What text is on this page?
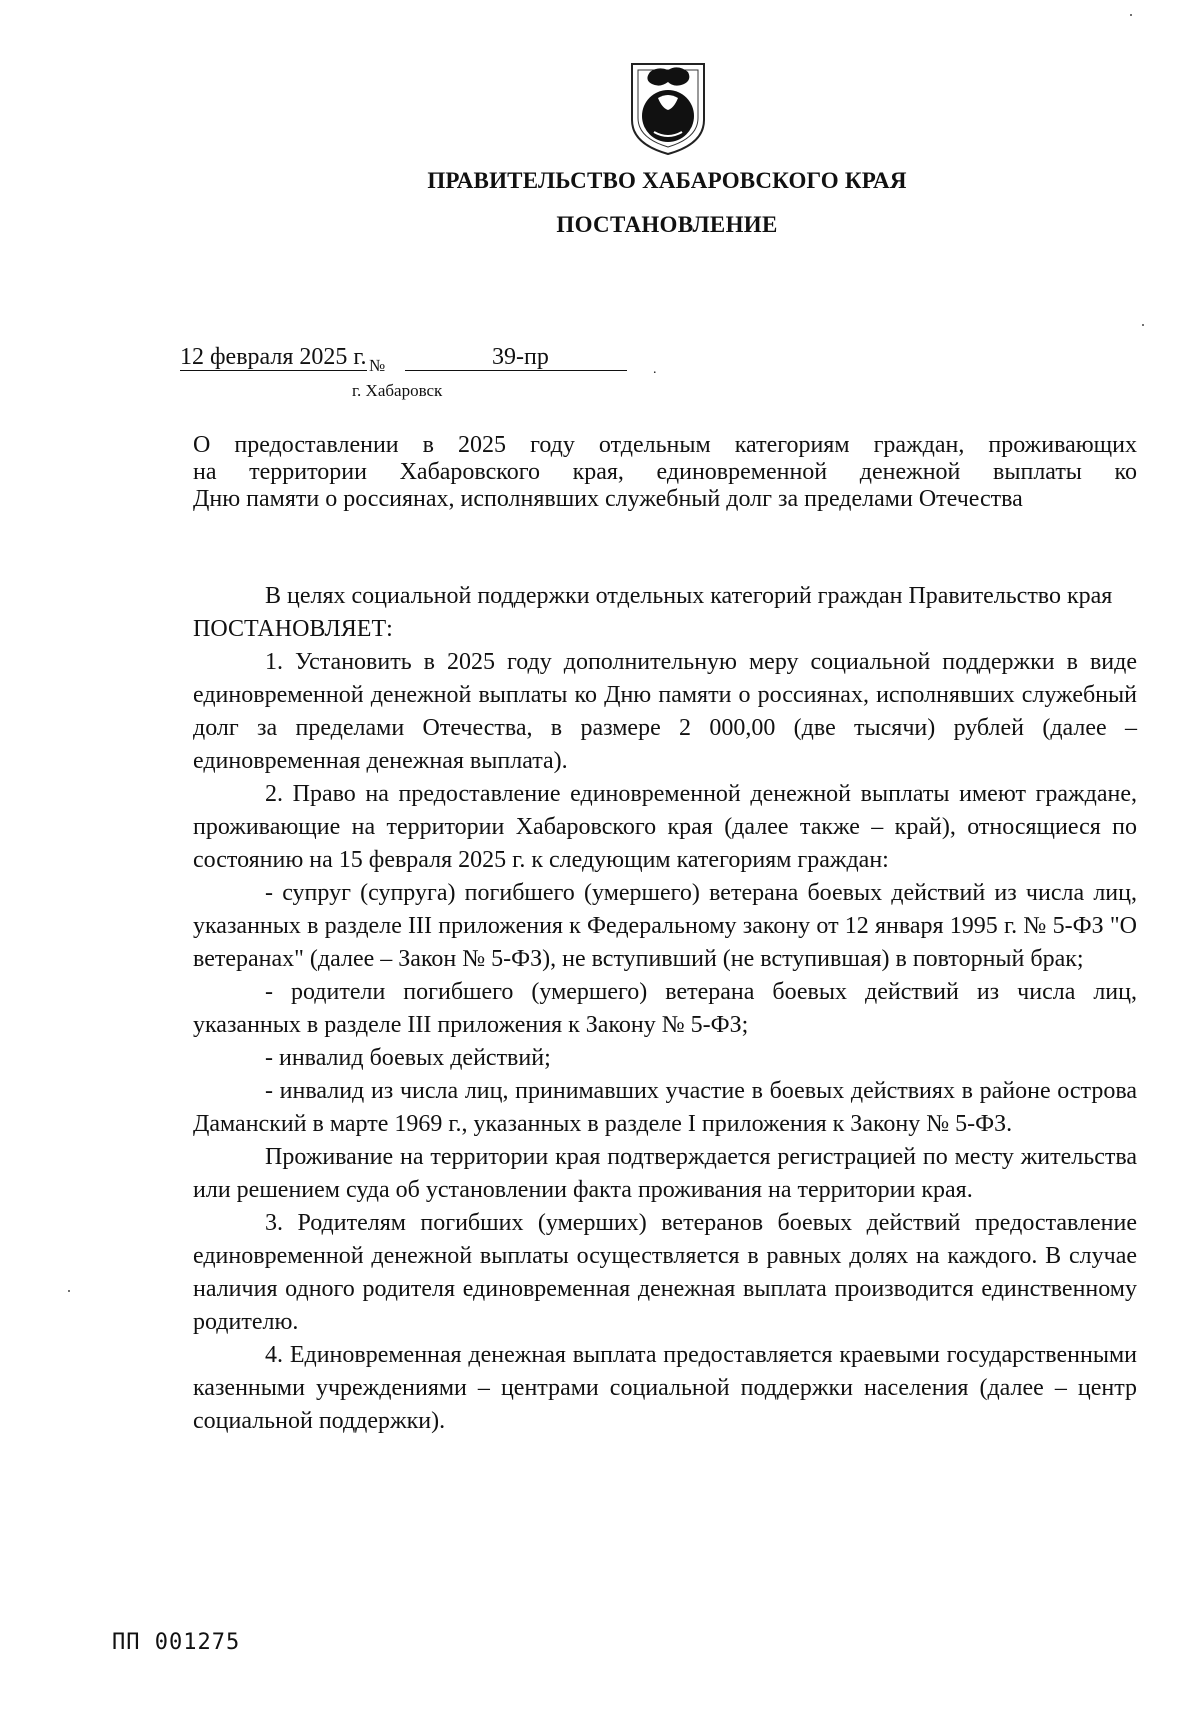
ПРАВИТЕЛЬСТВО ХАБАРОВСКОГО КРАЯ
ПОСТАНОВЛЕНИЕ
12 февраля 2025 г. №	39-пр	.
г. Хабаровск
О предоставлении в 2025 году отдельным категориям граждан, проживающих
на территории Хабаровского края, единовременной денежной выплаты ко
Дню памяти о россиянах, исполнявших служебный долг за пределами Отечества

В целях социальной поддержки отдельных категорий граждан Правительство края

ПОСТАНОВЛЯЕТ:

1. Установить в 2025 году дополнительную меру социальной поддержки в виде единовременной денежной выплаты ко Дню памяти о россиянах, исполнявших служебный долг за пределами Отечества, в размере 2 000,00 (две тысячи) рублей (далее – единовременная денежная выплата).

2. Право на предоставление единовременной денежной выплаты имеют граждане, проживающие на территории Хабаровского края (далее также – край), относящиеся по состоянию на 15 февраля 2025 г. к следующим категориям граждан:

- супруг (супруга) погибшего (умершего) ветерана боевых действий из числа лиц, указанных в разделе III приложения к Федеральному закону от 12 января 1995 г. № 5-ФЗ "О ветеранах" (далее – Закон № 5-ФЗ), не вступивший (не вступившая) в повторный брак;

- родители погибшего (умершего) ветерана боевых действий из числа лиц, указанных в разделе III приложения к Закону № 5-ФЗ;

- инвалид боевых действий;

- инвалид из числа лиц, принимавших участие в боевых действиях в районе острова Даманский в марте 1969 г., указанных в разделе I приложения к Закону № 5-ФЗ.

Проживание на территории края подтверждается регистрацией по месту жительства или решением суда об установлении факта проживания на территории края.

3. Родителям погибших (умерших) ветеранов боевых действий предоставление единовременной денежной выплаты осуществляется в равных долях на каждого. В случае наличия одного родителя единовременная денежная выплата производится единственному родителю.

4. Единовременная денежная выплата предоставляется краевыми государственными казенными учреждениями – центрами социальной поддержки населения (далее – центр социальной поддержки).

ПП 001275
